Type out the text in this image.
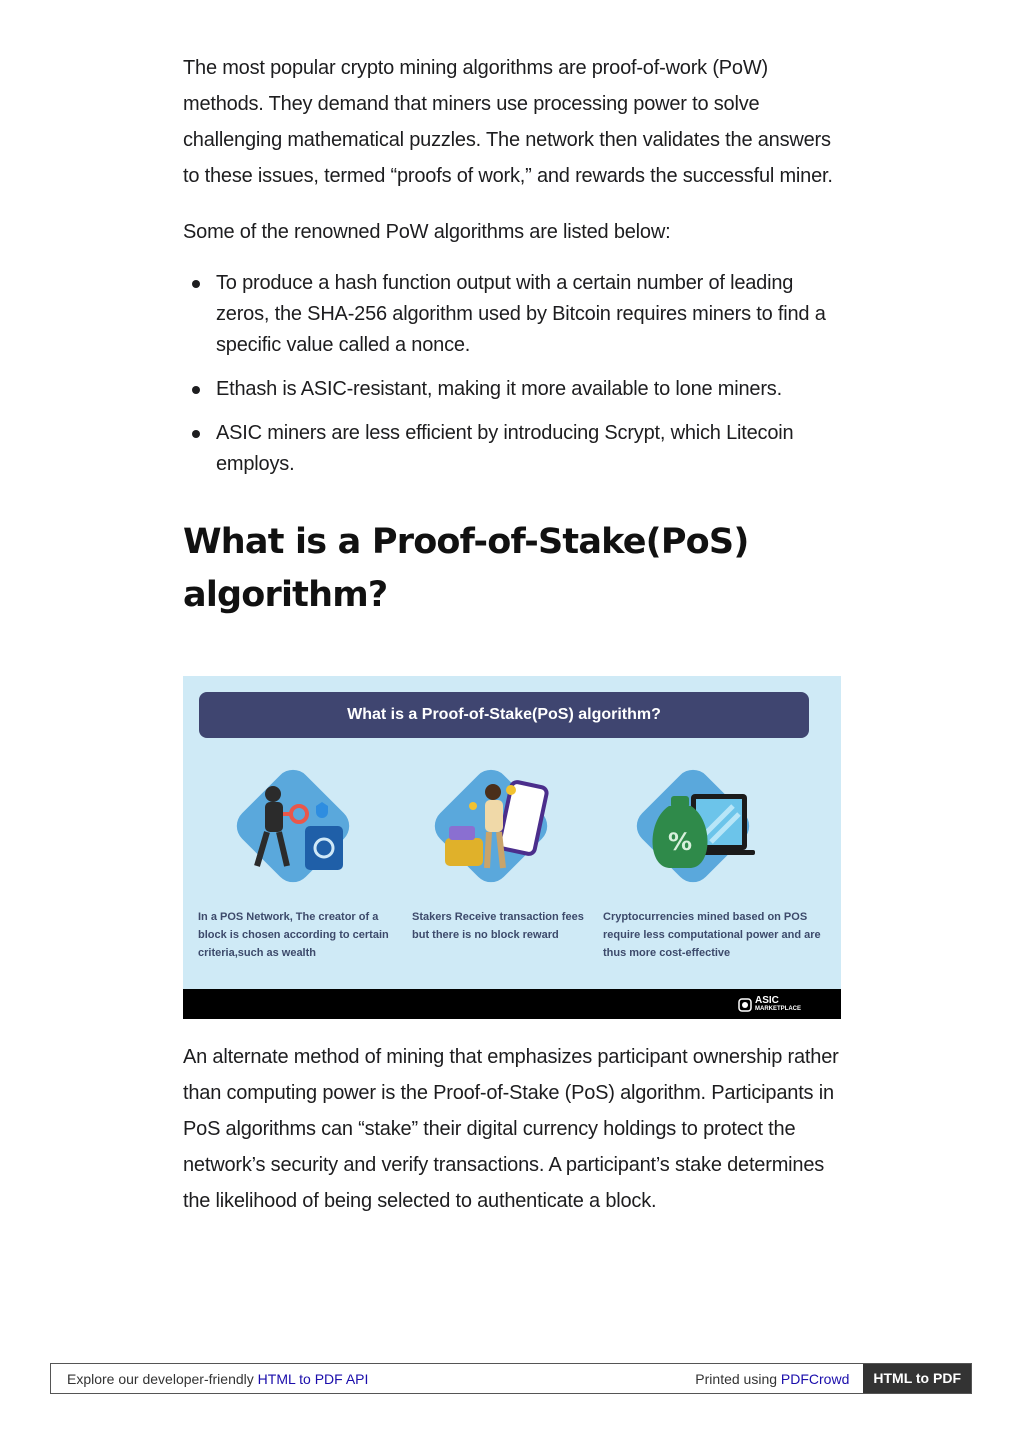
The most popular crypto mining algorithms are proof-of-work (PoW) methods. They demand that miners use processing power to solve challenging mathematical puzzles. The network then validates the answers to these issues, termed “proofs of work,” and rewards the successful miner.

Some of the renowned PoW algorithms are listed below:

To produce a hash function output with a certain number of leading zeros, the SHA-256 algorithm used by Bitcoin requires miners to find a specific value called a nonce.
Ethash is ASIC-resistant, making it more available to lone miners.
ASIC miners are less efficient by introducing Scrypt, which Litecoin employs.
What is a Proof-of-Stake(PoS) algorithm?
What is a Proof-of-Stake(PoS) algorithm?
In a POS Network, The creator of a block is chosen according to certain criteria,such as wealth
Stakers Receive transaction fees but there is no block reward
%
Cryptocurrencies mined based on POS require less computational power and are thus more cost-effective
ASIC
MARKETPLACE

An alternate method of mining that emphasizes participant ownership rather than computing power is the Proof-of-Stake (PoS) algorithm. Participants in PoS algorithms can “stake” their digital currency holdings to protect the network’s security and verify transactions. A participant’s stake determines the likelihood of being selected to authenticate a block.

Explore our developer-friendly HTML to PDF API	Printed using PDFCrowd	HTML to PDF
